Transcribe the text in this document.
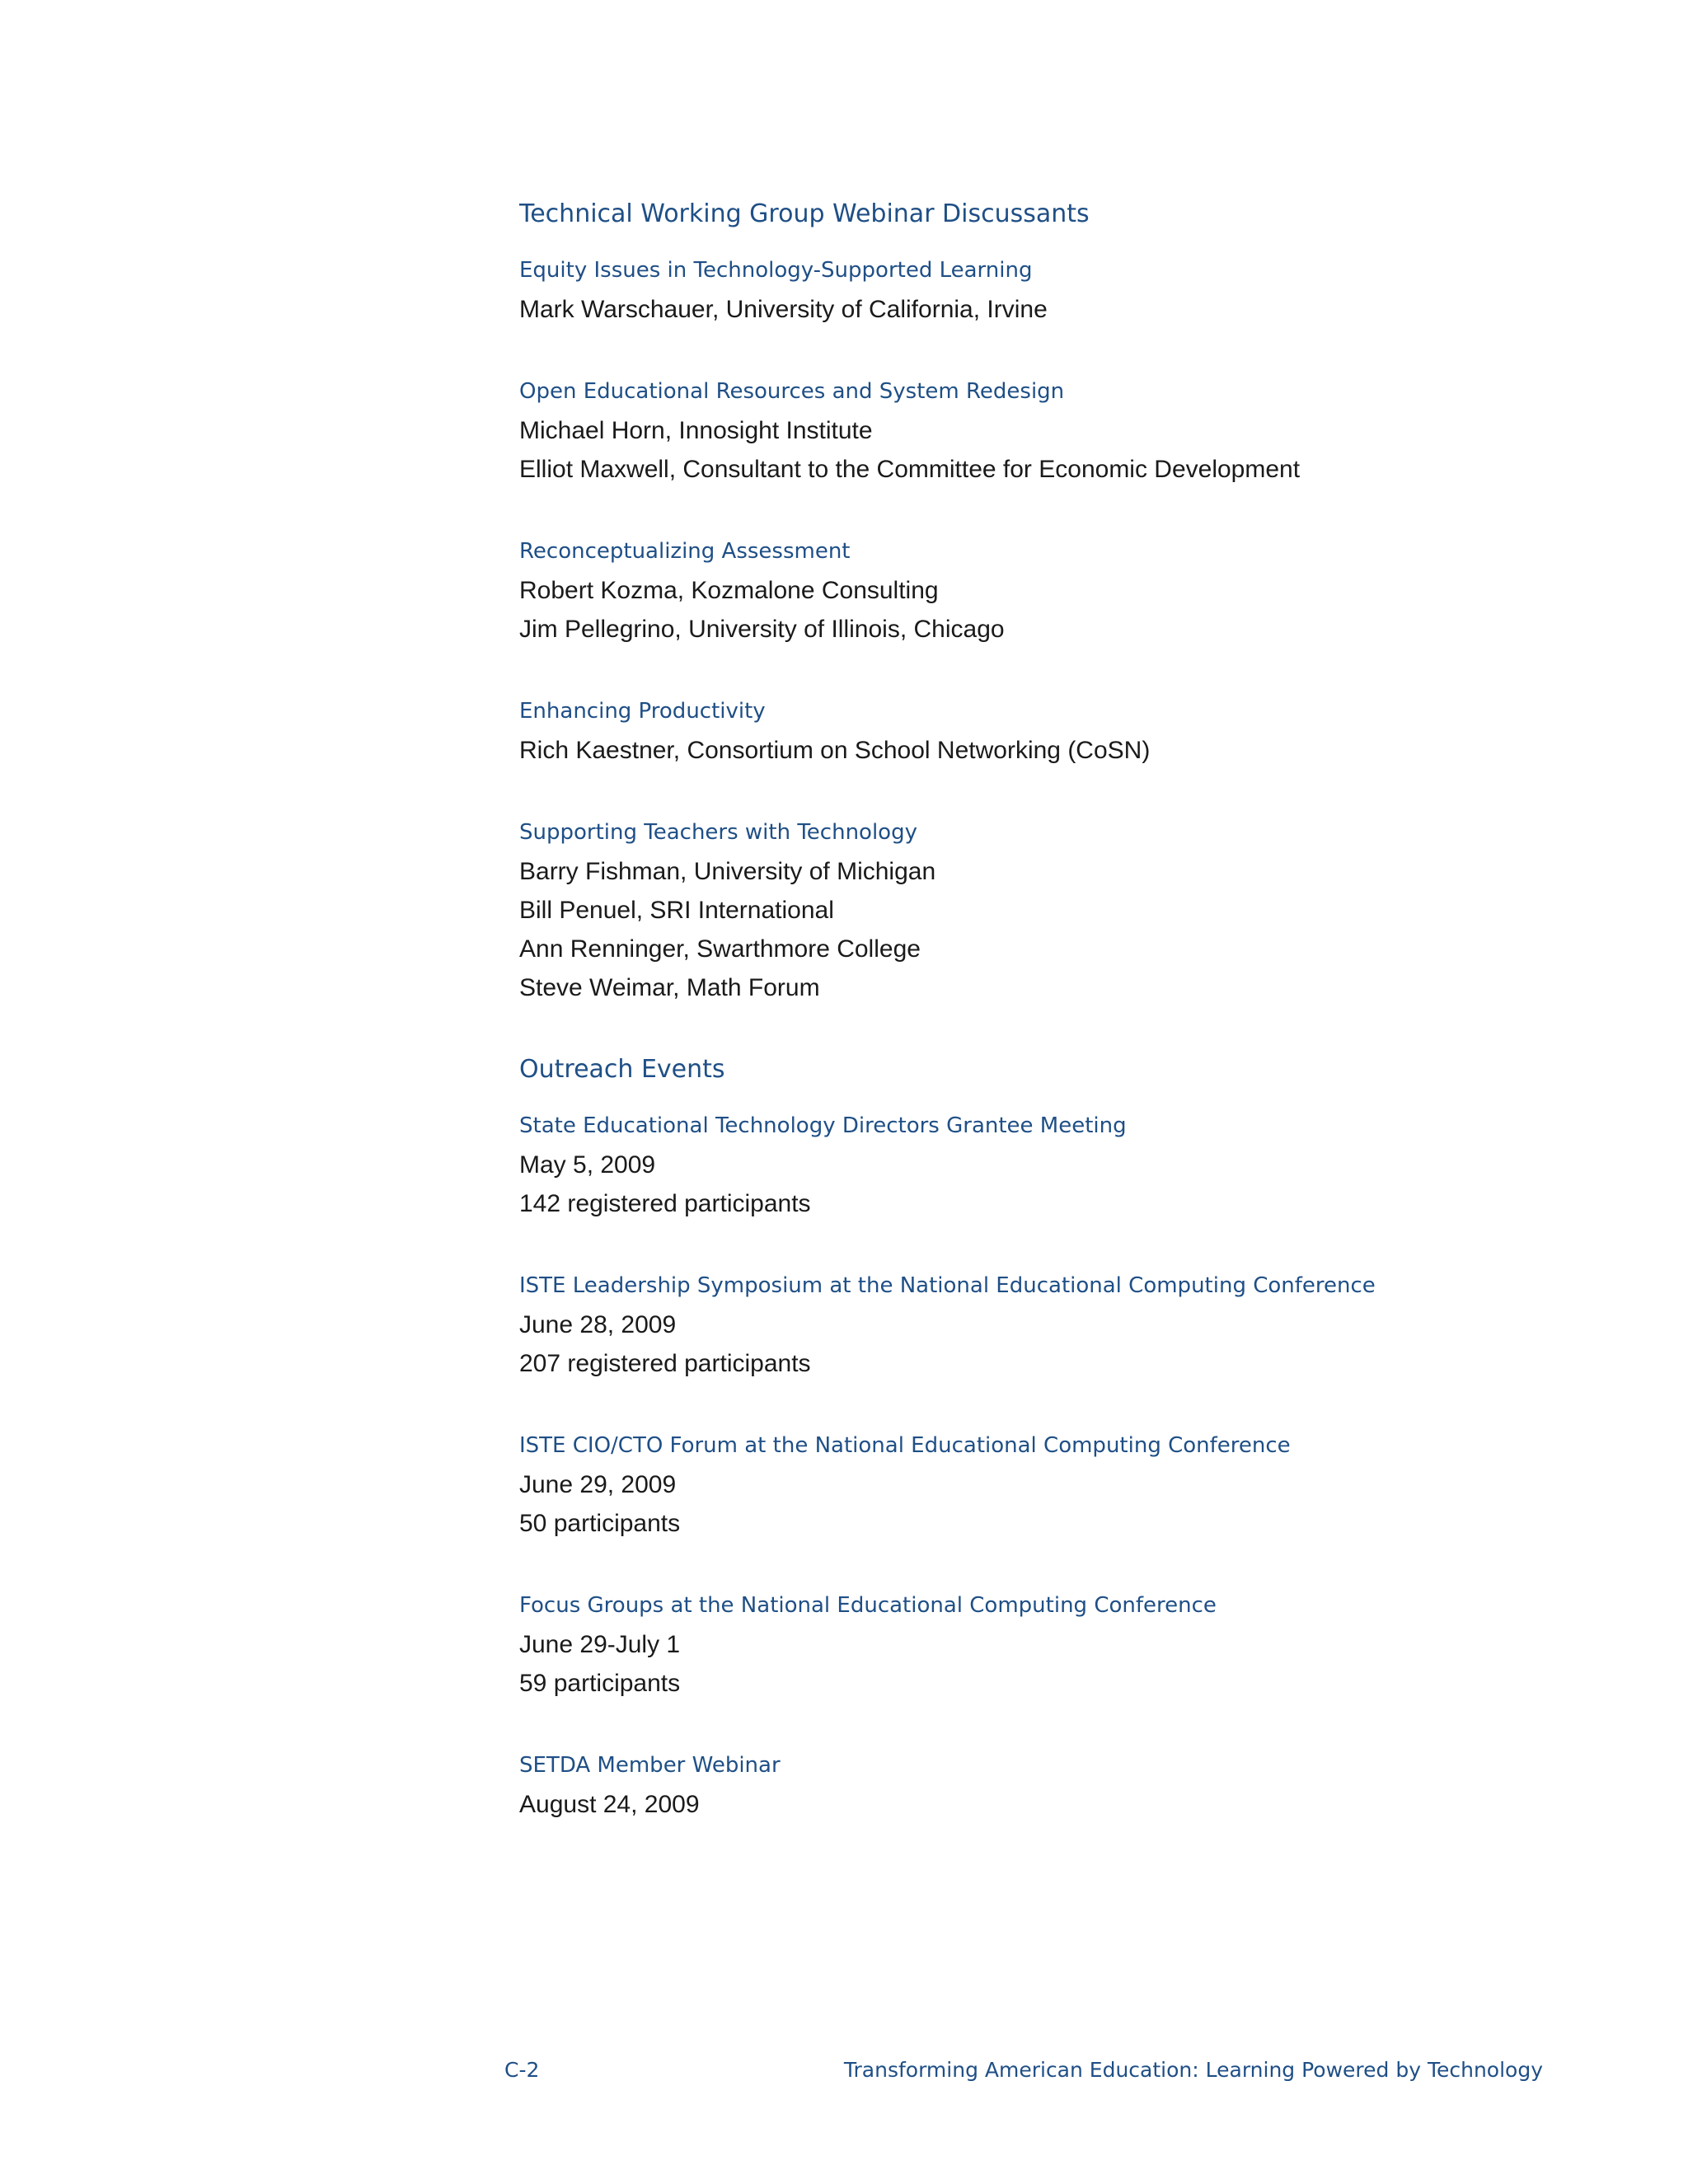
Technical Working Group Webinar Discussants
Equity Issues in Technology-Supported Learning
Mark Warschauer, University of California, Irvine
Open Educational Resources and System Redesign
Michael Horn, Innosight Institute
Elliot Maxwell, Consultant to the Committee for Economic Development
Reconceptualizing Assessment
Robert Kozma, Kozmalone Consulting
Jim Pellegrino, University of Illinois, Chicago
Enhancing Productivity
Rich Kaestner, Consortium on School Networking (CoSN)
Supporting Teachers with Technology
Barry Fishman, University of Michigan
Bill Penuel, SRI International
Ann Renninger, Swarthmore College
Steve Weimar, Math Forum
Outreach Events
State Educational Technology Directors Grantee Meeting
May 5, 2009
142 registered participants
ISTE Leadership Symposium at the National Educational Computing Conference
June 28, 2009
207 registered participants
ISTE CIO/CTO Forum at the National Educational Computing Conference
June 29, 2009
50 participants
Focus Groups at the National Educational Computing Conference
June 29-July 1
59 participants
SETDA Member Webinar
August 24, 2009
C-2	Transforming American Education: Learning Powered by Technology
